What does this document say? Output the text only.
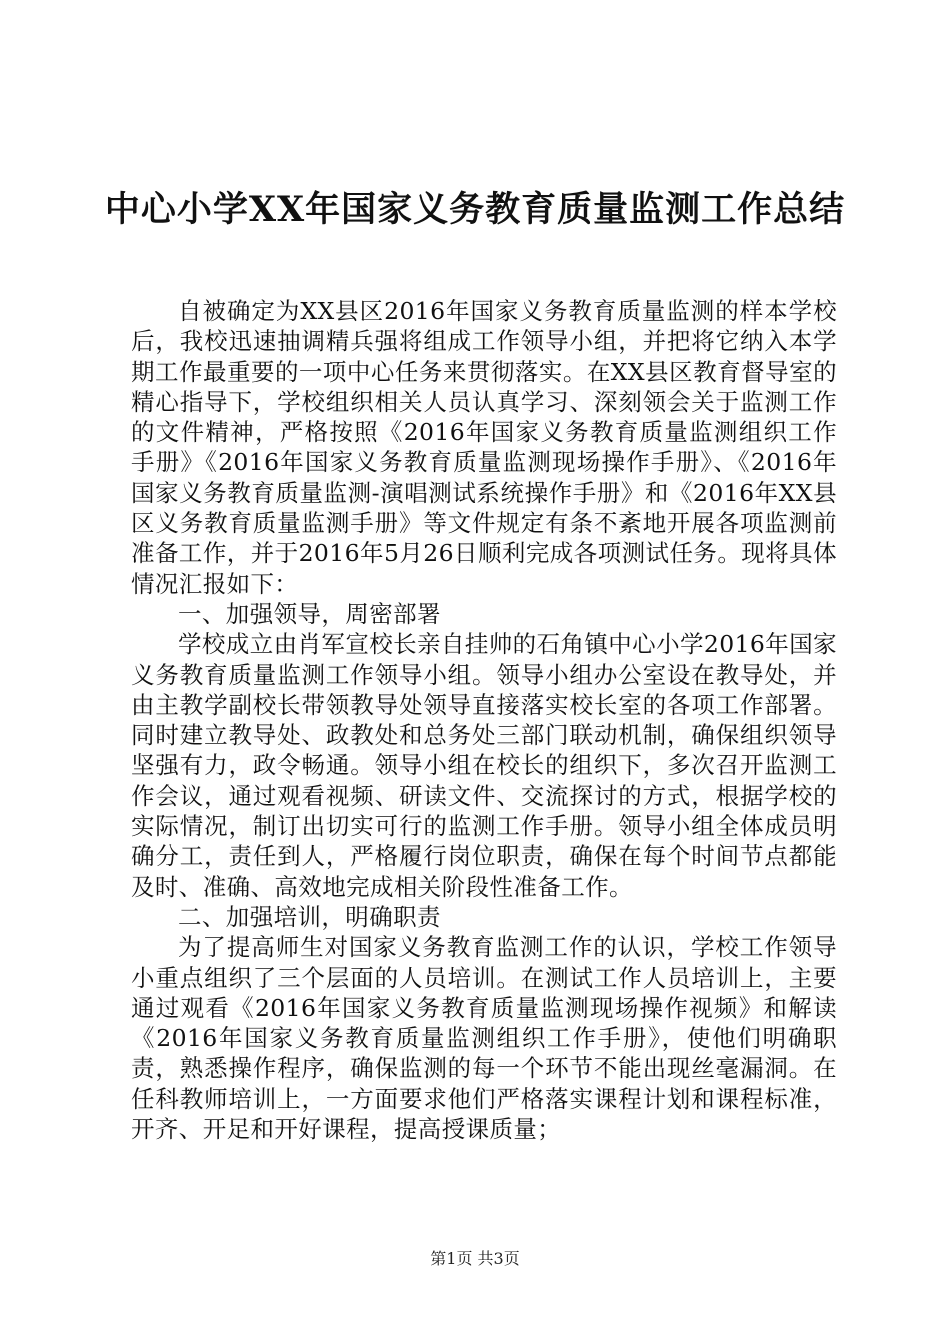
中心小学XX年国家义务教育质量监测工作总结

自被确定为XX县区2016年国家义务教育质量监测的样本学校后，我校迅速抽调精兵强将组成工作领导小组，并把将它纳入本学期工作最重要的一项中心任务来贯彻落实。在XX县区教育督导室的精心指导下，学校组织相关人员认真学习、深刻领会关于监测工作的文件精神，严格按照《2016年国家义务教育质量监测组织工作手册》《2016年国家义务教育质量监测现场操作手册》、《2016年国家义务教育质量监测-演唱测试系统操作手册》和《2016年XX县区义务教育质量监测手册》等文件规定有条不紊地开展各项监测前准备工作，并于2016年5月26日顺利完成各项测试任务。现将具体情况汇报如下：

一、加强领导，周密部署

学校成立由肖军宣校长亲自挂帅的石角镇中心小学2016年国家义务教育质量监测工作领导小组。领导小组办公室设在教导处，并由主教学副校长带领教导处领导直接落实校长室的各项工作部署。同时建立教导处、政教处和总务处三部门联动机制，确保组织领导坚强有力，政令畅通。领导小组在校长的组织下，多次召开监测工作会议，通过观看视频、研读文件、交流探讨的方式，根据学校的实际情况，制订出切实可行的监测工作手册。领导小组全体成员明确分工，责任到人，严格履行岗位职责，确保在每个时间节点都能及时、准确、高效地完成相关阶段性准备工作。

二、加强培训，明确职责

为了提高师生对国家义务教育监测工作的认识，学校工作领导小重点组织了三个层面的人员培训。在测试工作人员培训上，主要通过观看《2016年国家义务教育质量监测现场操作视频》和解读《2016年国家义务教育质量监测组织工作手册》，使他们明确职责，熟悉操作程序，确保监测的每一个环节不能出现丝毫漏洞。在任科教师培训上，一方面要求他们严格落实课程计划和课程标准，开齐、开足和开好课程，提高授课质量；

第1页 共3页
